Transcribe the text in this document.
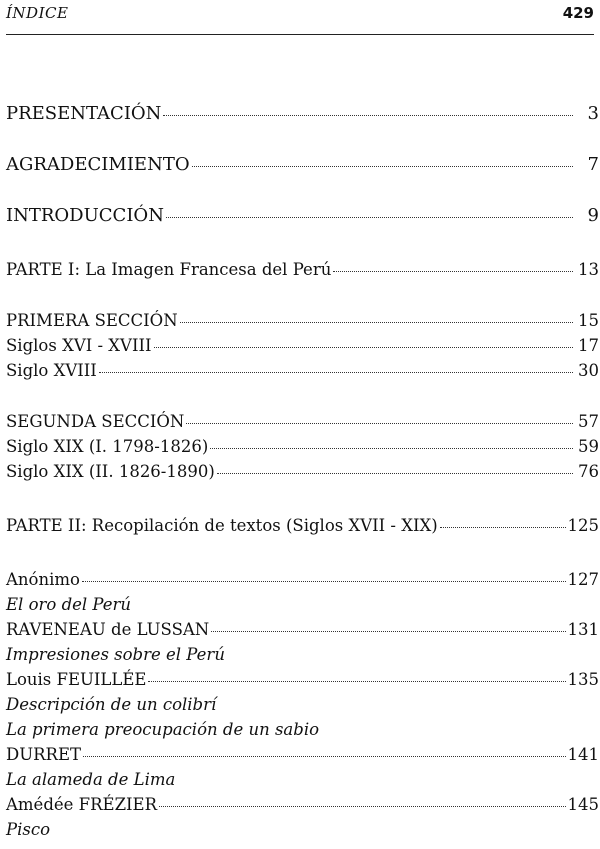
ÍNDICE	429
PRESENTACIÓN	3
AGRADECIMIENTO	7
INTRODUCCIÓN	9
PARTE I: La Imagen Francesa del Perú	13
PRIMERA SECCIÓN	15
Siglos XVI - XVIII	17
Siglo XVIII	30
SEGUNDA SECCIÓN	57
Siglo XIX (I. 1798-1826)	59
Siglo XIX (II. 1826-1890)	76
PARTE II: Recopilación de textos (Siglos XVII - XIX)	125
Anónimo	127
El oro del Perú
RAVENEAU de LUSSAN	131
Impresiones sobre el Perú
Louis FEUILLÉE	135
Descripción de un colibrí
La primera preocupación de un sabio
DURRET	141
La alameda de Lima
Amédée FRÉZIER	145
Pisco
